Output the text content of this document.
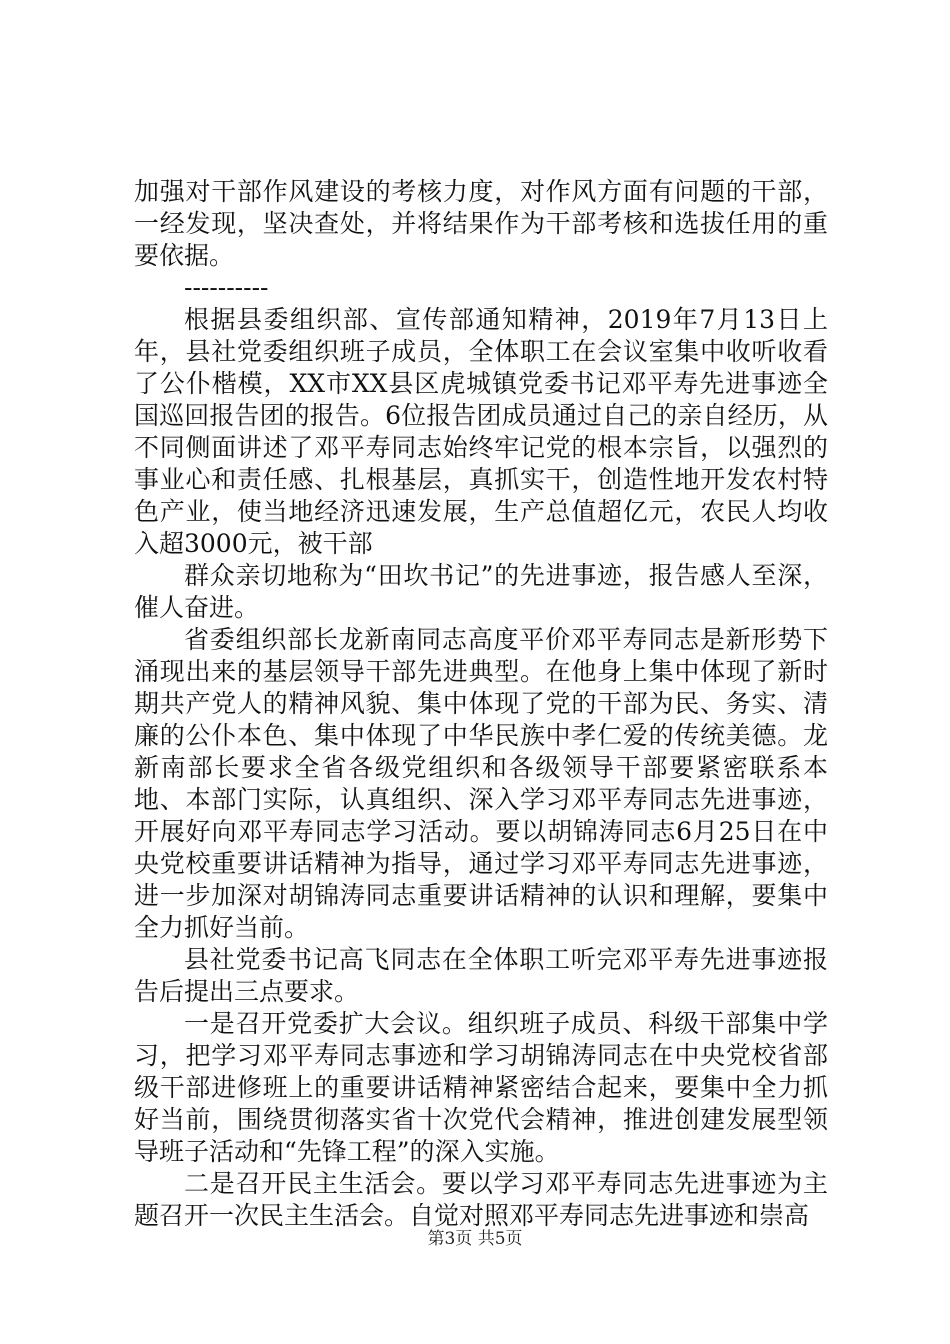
加强对干部作风建设的考核力度，对作风方面有问题的干部，一经发现，坚决查处，并将结果作为干部考核和选拔任用的重要依据。

----------

根据县委组织部、宣传部通知精神，2019年7月13日上年，县社党委组织班子成员，全体职工在会议室集中收听收看了公仆楷模，XX市XX县区虎城镇党委书记邓平寿先进事迹全国巡回报告团的报告。6位报告团成员通过自己的亲自经历，从不同侧面讲述了邓平寿同志始终牢记党的根本宗旨，以强烈的事业心和责任感、扎根基层，真抓实干，创造性地开发农村特色产业，使当地经济迅速发展，生产总值超亿元，农民人均收入超3000元，被干部

群众亲切地称为“田坎书记”的先进事迹，报告感人至深，催人奋进。

省委组织部长龙新南同志高度平价邓平寿同志是新形势下涌现出来的基层领导干部先进典型。在他身上集中体现了新时期共产党人的精神风貌、集中体现了党的干部为民、务实、清廉的公仆本色、集中体现了中华民族中孝仁爱的传统美德。龙新南部长要求全省各级党组织和各级领导干部要紧密联系本地、本部门实际，认真组织、深入学习邓平寿同志先进事迹，开展好向邓平寿同志学习活动。要以胡锦涛同志6月25日在中央党校重要讲话精神为指导，通过学习邓平寿同志先进事迹，进一步加深对胡锦涛同志重要讲话精神的认识和理解，要集中全力抓好当前。

县社党委书记高飞同志在全体职工听完邓平寿先进事迹报告后提出三点要求。

一是召开党委扩大会议。组织班子成员、科级干部集中学习，把学习邓平寿同志事迹和学习胡锦涛同志在中央党校省部级干部进修班上的重要讲话精神紧密结合起来，要集中全力抓好当前，围绕贯彻落实省十次党代会精神，推进创建发展型领导班子活动和“先锋工程”的深入实施。

二是召开民主生活会。要以学习邓平寿同志先进事迹为主题召开一次民主生活会。自觉对照邓平寿同志先进事迹和崇高

第3页 共5页
